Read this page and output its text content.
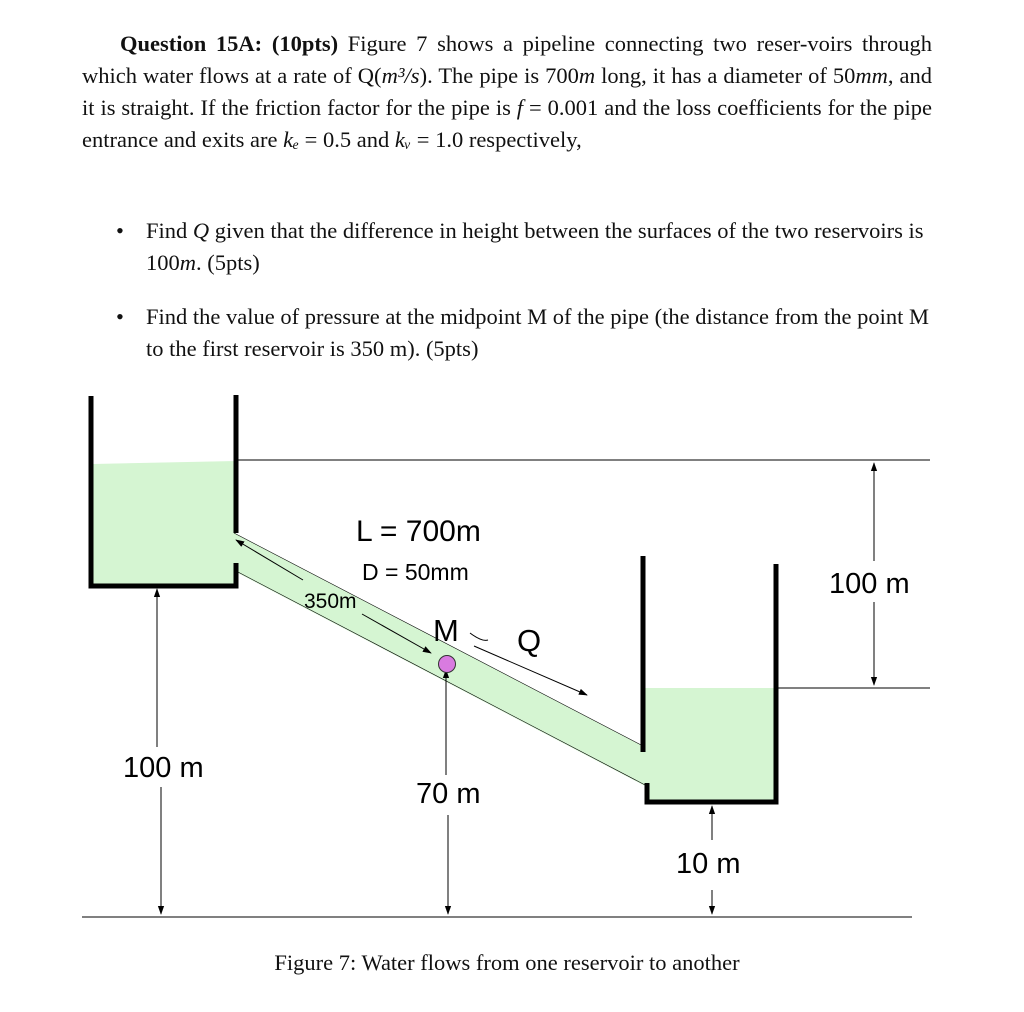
Question 15A: (10pts) Figure 7 shows a pipeline connecting two reser-voirs through which water flows at a rate of Q(m³/s). The pipe is 700m long, it has a diameter of 50mm, and it is straight. If the friction factor for the pipe is f = 0.001 and the loss coefficients for the pipe entrance and exits are kₑ = 0.5 and kᵥ = 1.0 respectively,
• Find Q given that the difference in height between the surfaces of the two reservoirs is 100m. (5pts)
• Find the value of pressure at the midpoint M of the pipe (the distance from the point M to the first reservoir is 350 m). (5pts)
L = 700m
D = 50mm
350m
M Q
100 m
100 m
70 m
10 m
Figure 7: Water flows from one reservoir to another
